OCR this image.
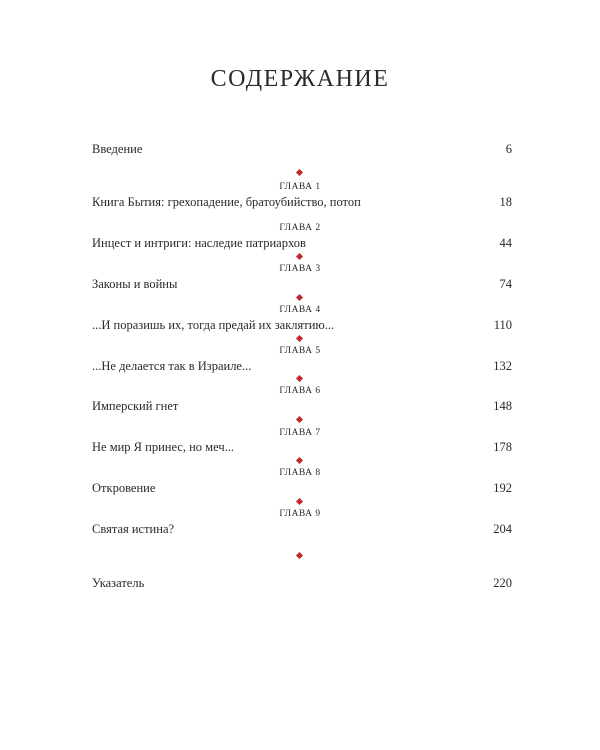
СОДЕРЖАНИЕ
Введение	6
ГЛАВА 1
Книга Бытия: грехопадение, братоубийство, потоп	18
ГЛАВА 2
Инцест и интриги: наследие патриархов	44
ГЛАВА 3
Законы и войны	74
ГЛАВА 4
...И поразишь их, тогда предай их заклятию...	110
ГЛАВА 5
...Не делается так в Израиле...	132
ГЛАВА 6
Имперский гнет	148
ГЛАВА 7
Не мир Я принес, но меч...	178
ГЛАВА 8
Откровение	192
ГЛАВА 9
Святая истина?	204
Указатель	220
